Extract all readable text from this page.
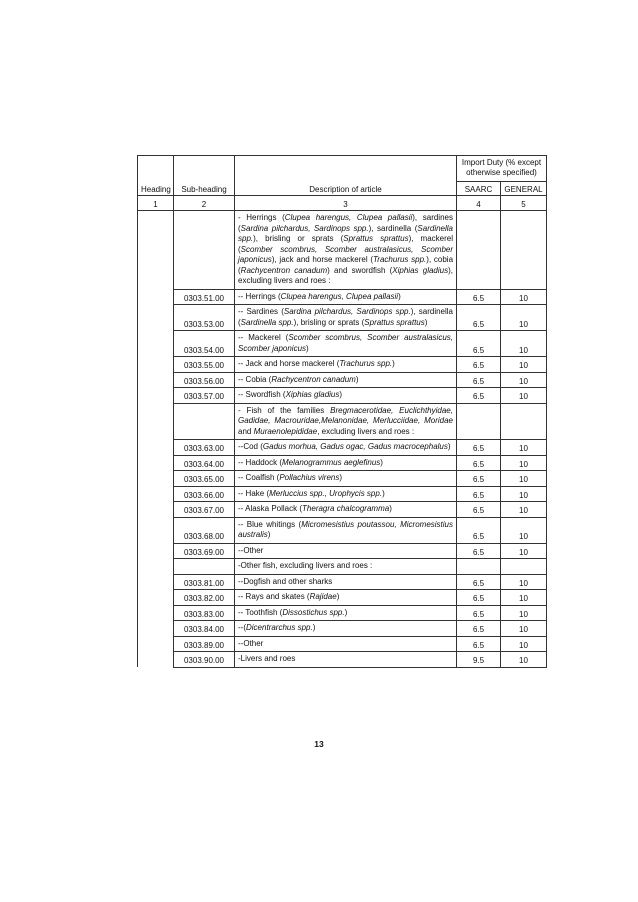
Heading	Sub-heading	Description of article	Import Duty (% except otherwise specified)	
			SAARC	GENERAL
1	2	3	4	5
		- Herrings (Clupea harengus, Clupea pallasii), sardines (Sardina pilchardus, Sardinops spp.), sardinella (Sardinella spp.), brisling or sprats (Sprattus sprattus), mackerel (Scomber scombrus, Scomber australasicus, Scomber japonicus), jack and horse mackerel (Trachurus spp.), cobia (Rachycentron canadum) and swordfish (Xiphias gladius), excluding livers and roes :		
	0303.51.00	-- Herrings (Clupea harengus, Clupea pallasii)	6.5	10
	0303.53.00	-- Sardines (Sardina pilchardus, Sardinops spp.), sardinella (Sardinella spp.), brisling or sprats (Sprattus sprattus)	6.5	10
	0303.54.00	-- Mackerel (Scomber scombrus, Scomber australasicus, Scomber japonicus)	6.5	10
	0303.55.00	-- Jack and horse mackerel (Trachurus spp.)	6.5	10
	0303.56.00	-- Cobia (Rachycentron canadum)	6.5	10
	0303.57.00	-- Swordfish (Xiphias gladius)	6.5	10
		- Fish of the families Bregmacerotidae, Euclichthyidae, Gadidae, Macrouridae,Melanonidae, Merlucciidae, Moridae and Muraenolepididae, excluding livers and roes :		
	0303.63.00	--Cod (Gadus morhua, Gadus ogac, Gadus macrocephalus)	6.5	10
	0303.64.00	-- Haddock (Melanogrammus aeglefinus)	6.5	10
	0303.65.00	-- Coalfish (Pollachius virens)	6.5	10
	0303.66.00	-- Hake (Merluccius spp., Urophycis spp.)	6.5	10
	0303.67.00	-- Alaska Pollack (Theragra chalcogramma)	6.5	10
	0303.68.00	-- Blue whitings (Micromesistius poutassou, Micromesistius australis)	6.5	10
	0303.69.00	--Other	6.5	10
		-Other fish, excluding livers and roes :		
	0303.81.00	--Dogfish and other sharks	6.5	10
	0303.82.00	-- Rays and skates (Rajidae)	6.5	10
	0303.83.00	-- Toothfish (Dissostichus spp.)	6.5	10
	0303.84.00	--(Dicentrarchus spp.)	6.5	10
	0303.89.00	--Other	6.5	10
	0303.90.00	-Livers and roes	9.5	10
13
